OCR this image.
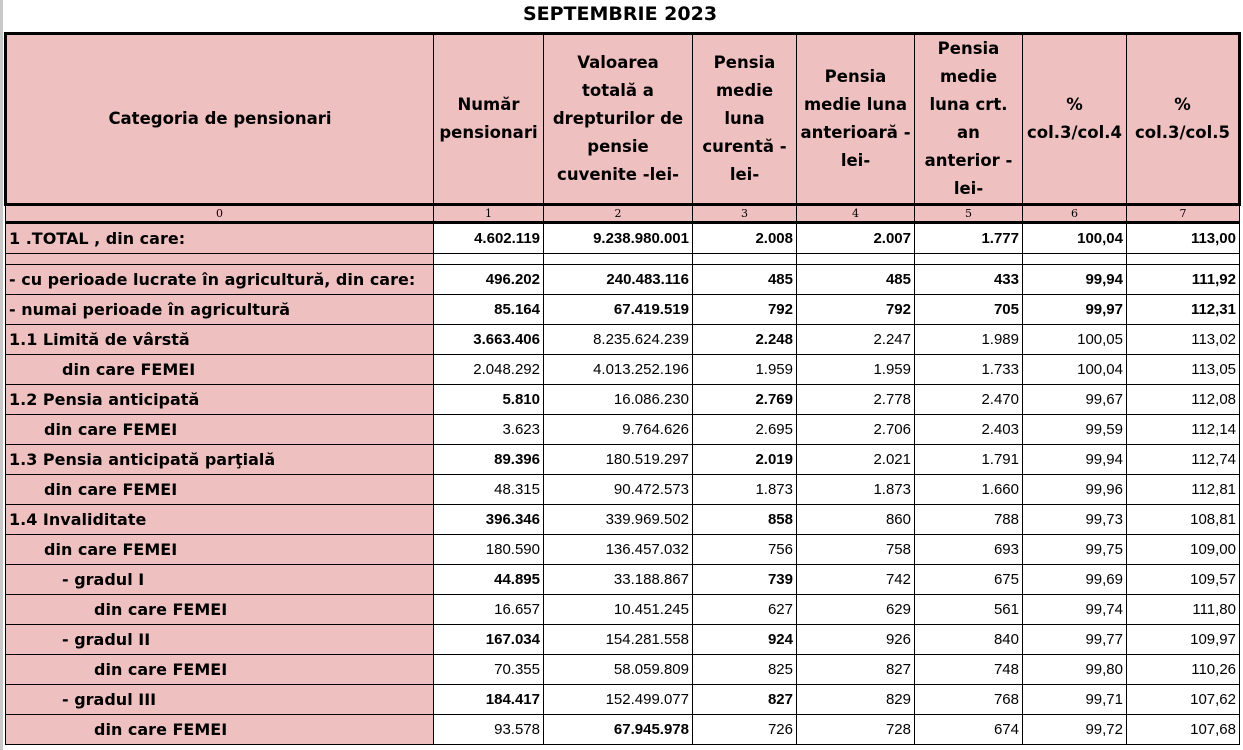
SEPTEMBRIE 2023
Categoria de pensionari	Număr pensionari	Valoarea totală a drepturilor de pensie cuvenite -lei-	Pensia medie luna curentă -lei-	Pensia medie luna anterioară - lei-	Pensia medie luna crt. an anterior -lei-	% col.3/col.4	% col.3/col.5
0	1	2	3	4	5	6	7
1 .TOTAL , din care:	4.602.119	9.238.980.001	2.008	2.007	1.777	100,04	113,00

- cu perioade lucrate în agricultură, din care:	496.202	240.483.116	485	485	433	99,94	111,92
- numai perioade în agricultură	85.164	67.419.519	792	792	705	99,97	112,31
1.1 Limită de vârstă	3.663.406	8.235.624.239	2.248	2.247	1.989	100,05	113,02
din care FEMEI	2.048.292	4.013.252.196	1.959	1.959	1.733	100,04	113,05
1.2 Pensia anticipată	5.810	16.086.230	2.769	2.778	2.470	99,67	112,08
din care FEMEI	3.623	9.764.626	2.695	2.706	2.403	99,59	112,14
1.3 Pensia anticipată parţială	89.396	180.519.297	2.019	2.021	1.791	99,94	112,74
din care FEMEI	48.315	90.472.573	1.873	1.873	1.660	99,96	112,81
1.4 Invaliditate	396.346	339.969.502	858	860	788	99,73	108,81
din care FEMEI	180.590	136.457.032	756	758	693	99,75	109,00
- gradul I	44.895	33.188.867	739	742	675	99,69	109,57
din care FEMEI	16.657	10.451.245	627	629	561	99,74	111,80
- gradul II	167.034	154.281.558	924	926	840	99,77	109,97
din care FEMEI	70.355	58.059.809	825	827	748	99,80	110,26
- gradul III	184.417	152.499.077	827	829	768	99,71	107,62
din care FEMEI	93.578	67.945.978	726	728	674	99,72	107,68
